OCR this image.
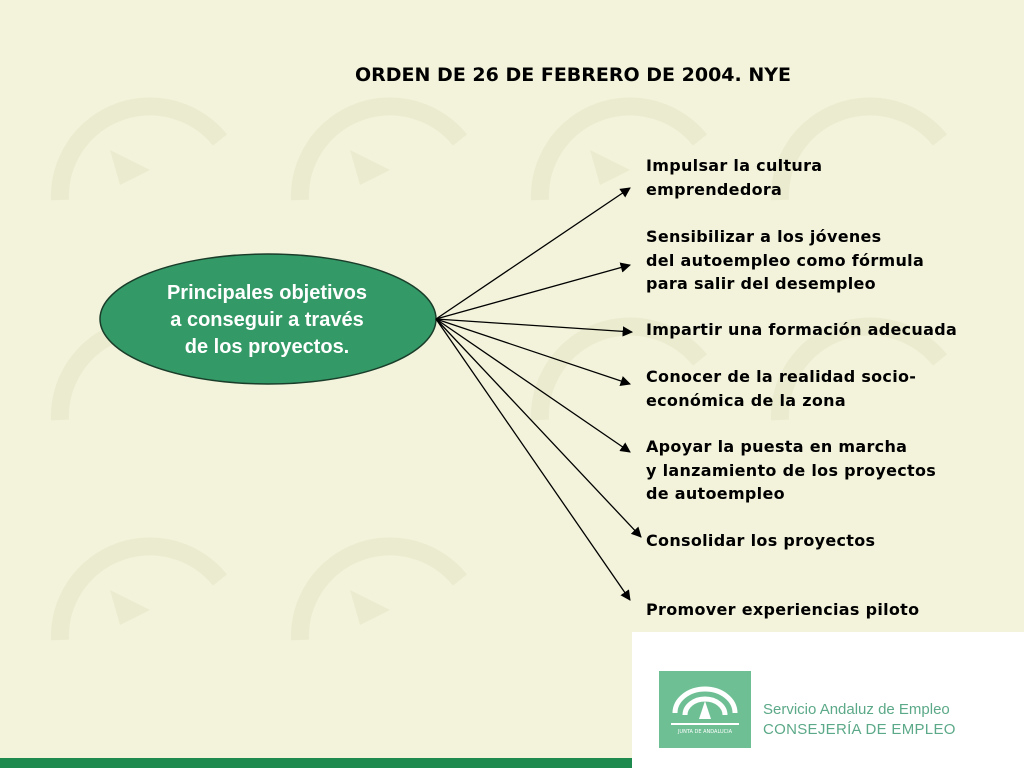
ORDEN DE 26 DE FEBRERO DE 2004. NYE
Principales objetivos
a conseguir a través
de los proyectos.
Impulsar la cultura
emprendedora
Sensibilizar a los jóvenes
del autoempleo como fórmula
para salir del desempleo
Impartir una formación adecuada
Conocer de la realidad socio-
económica de la zona
Apoyar la puesta en marcha
y lanzamiento de los proyectos
de autoempleo
Consolidar los proyectos
Promover experiencias piloto
JUNTA DE ANDALUCIA
Servicio Andaluz de Empleo
CONSEJERÍA DE EMPLEO
